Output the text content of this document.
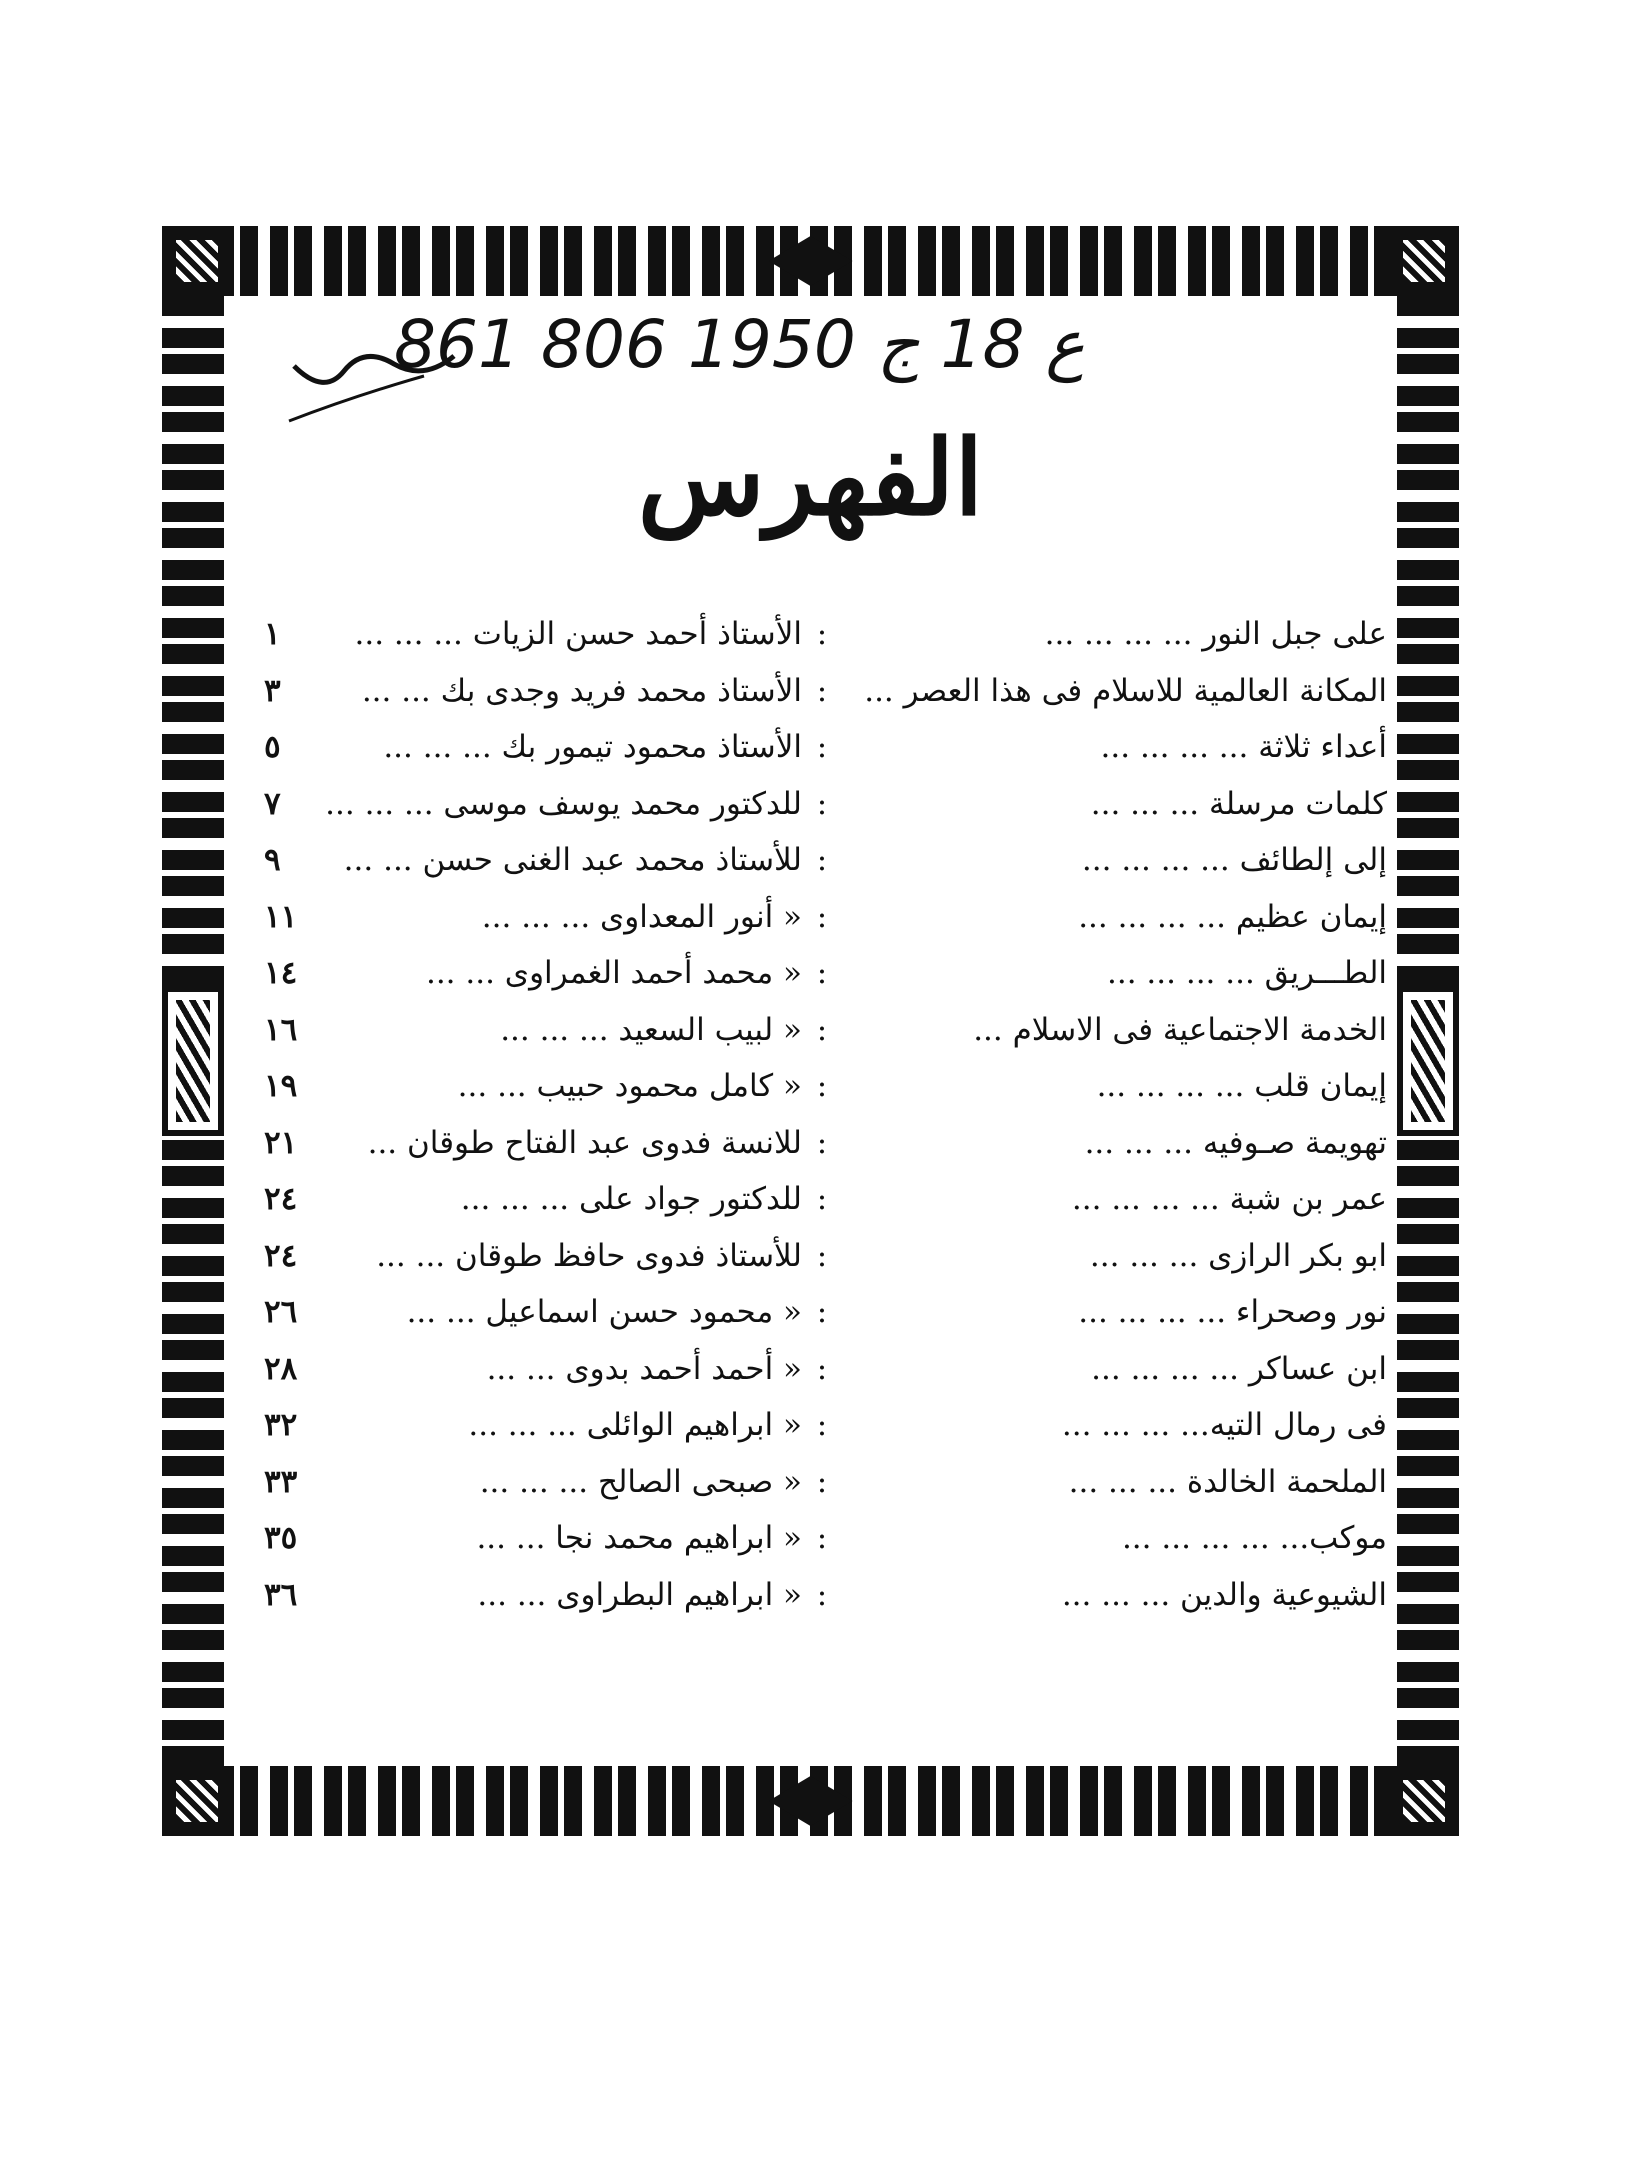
861 ع 18 ج 1950 806
الفهرس
على جبل النور ... ... ... ...
:
الأستاذ أحمد حسن الزيات ... ... ...
١
المكانة العالمية للاسلام فى هذا العصر ...
:
الأستاذ محمد فريد وجدى بك ... ...
٣
أعداء ثلاثة ... ... ... ...
:
الأستاذ محمود تيمور بك ... ... ...
٥
كلمات مرسلة ... ... ...
:
للدكتور محمد يوسف موسى ... ... ...
٧
إلى إلطائف ... ... ... ...
:
للأستاذ محمد عبد الغنى حسن ... ...
٩
إيمان عظيم ... ... ... ...
:
« أنور المعداوى ... ... ...
١١
الطـــريق ... ... ... ...
:
« محمد أحمد الغمراوى ... ...
١٤
الخدمة الاجتماعية فى الاسلام ...
:
« لبيب السعيد ... ... ...
١٦
إيمان قلب ... ... ... ...
:
« كامل محمود حبيب ... ...
١٩
تهويمة صـوفيه ... ... ...
:
للانسة فدوى عبد الفتاح طوقان ...
٢١
عمر بن شبة ... ... ... ...
:
للدكتور جواد على ... ... ...
٢٤
ابو بكر الرازى ... ... ...
:
للأستاذ فدوى حافظ طوقان ... ...
٢٤
نور وصحراء ... ... ... ...
:
« محمود حسن اسماعيل ... ...
٢٦
ابن عساكر ... ... ... ...
:
« أحمد أحمد بدوى ... ...
٢٨
فى رمال التيه... ... ... ...
:
« ابراهيم الوائلى ... ... ...
٣٢
الملحمة الخالدة ... ... ...
:
« صبحى الصالح ... ... ...
٣٣
موكب... ... ... ... ...
:
« ابراهيم محمد نجا ... ...
٣٥
الشيوعية والدين ... ... ...
:
« ابراهيم البطراوى ... ...
٣٦
